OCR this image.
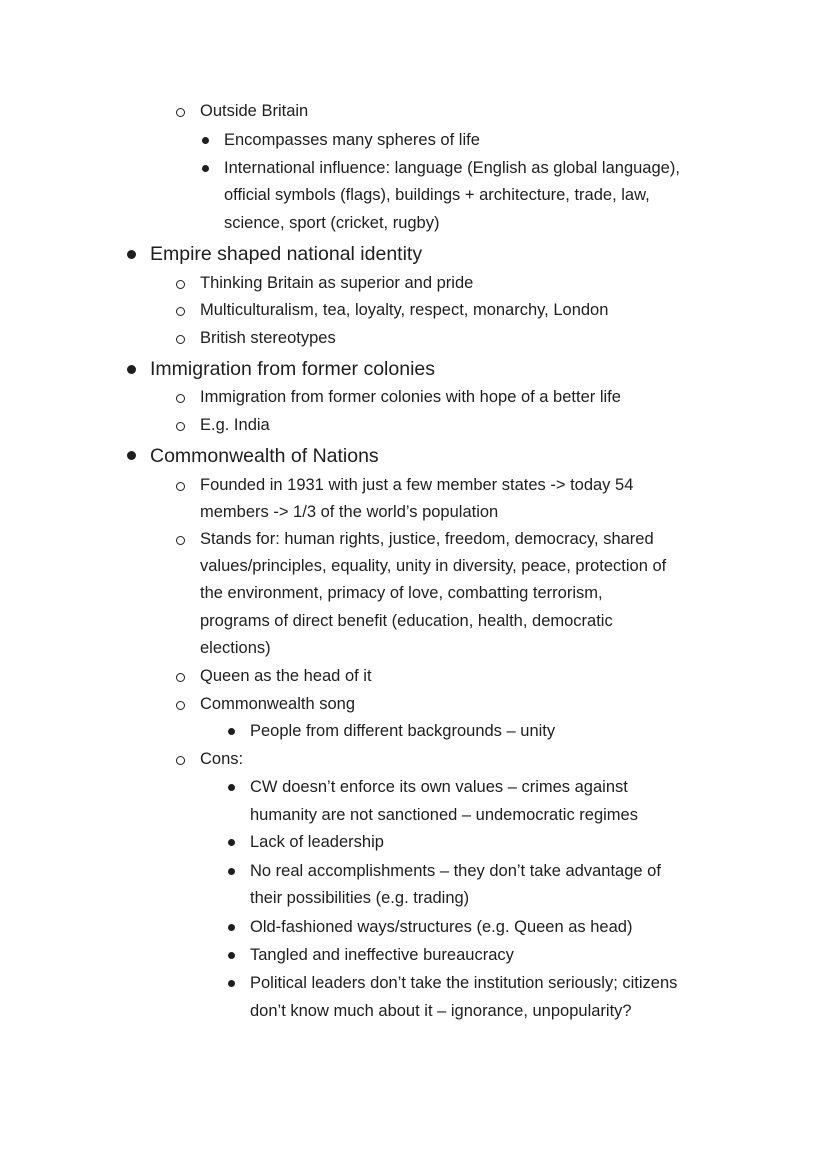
Outside Britain
Encompasses many spheres of life
International influence: language (English as global language),
official symbols (flags), buildings + architecture, trade, law,
science, sport (cricket, rugby)
Empire shaped national identity
Thinking Britain as superior and pride
Multiculturalism, tea, loyalty, respect, monarchy, London
British stereotypes
Immigration from former colonies
Immigration from former colonies with hope of a better life
E.g. India
Commonwealth of Nations
Founded in 1931 with just a few member states -> today 54
members -> 1/3 of the world’s population
Stands for: human rights, justice, freedom, democracy, shared
values/principles, equality, unity in diversity, peace, protection of
the environment, primacy of love, combatting terrorism,
programs of direct benefit (education, health, democratic
elections)
Queen as the head of it
Commonwealth song
People from different backgrounds – unity
Cons:
CW doesn’t enforce its own values – crimes against
humanity are not sanctioned – undemocratic regimes
Lack of leadership
No real accomplishments – they don’t take advantage of
their possibilities (e.g. trading)
Old-fashioned ways/structures (e.g. Queen as head)
Tangled and ineffective bureaucracy
Political leaders don’t take the institution seriously; citizens
don’t know much about it – ignorance, unpopularity?
